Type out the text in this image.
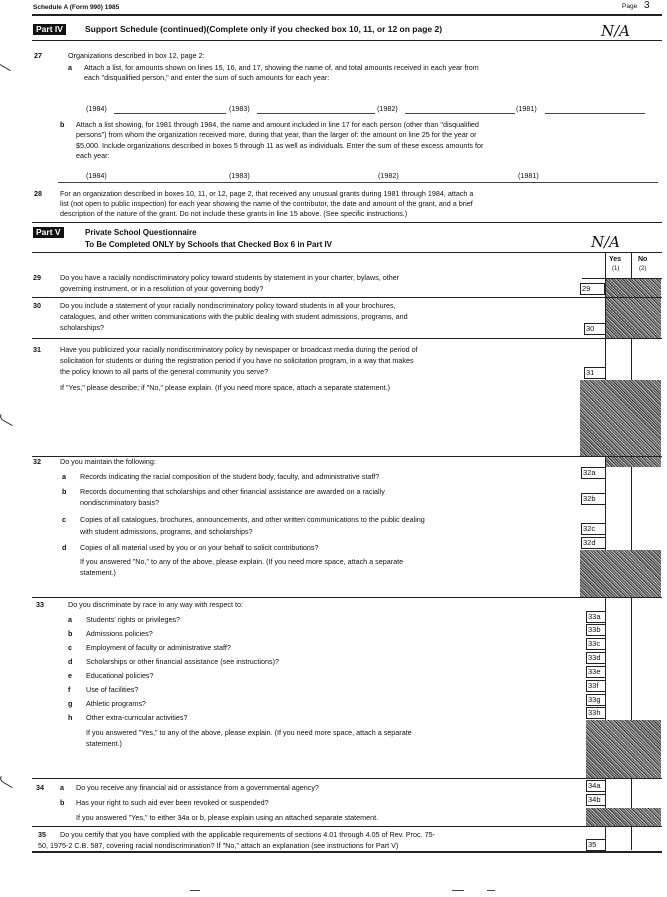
Schedule A (Form 990) 1985	Page 3
Part IV	Support Schedule (continued)(Complete only if you checked box 10, 11, or 12 on page 2)	N/A
27	Organizations described in box 12, page 2:
a Attach a list, for amounts shown on lines 15, 16, and 17, showing the name of, and total amounts received in each year from
each "disqualified person," and enter the sum of such amounts for each year:
(1984)	(1983)	(1982)	(1981)
b Attach a list showing, for 1981 through 1984, the name and amount included in line 17 for each person (other than "disqualified
persons") from whom the organization received more, during that year, than the larger of: the amount on line 25 for the year or
$5,000. Include organizations described in boxes 5 through 11 as well as individuals. Enter the sum of these excess amounts for
each year:
(1984)	(1983)	(1982)	(1981)
28	For an organization described in boxes 10, 11, or 12, page 2, that received any unusual grants during 1981 through 1984, attach a
list (not open to public inspection) for each year showing the name of the contributor, the date and amount of the grant, and a brief
description of the nature of the grant. Do not include these grants in line 15 above. (See specific instructions.)
Part V	Private School Questionnaire
To Be Completed ONLY by Schools that Checked Box 6 in Part IV	N/A
Yes
(1)
No
(2)
29	Do you have a racially nondiscriminatory policy toward students by statement in your charter, bylaws, other
governing instrument, or in a resolution of your governing body?	29
30	Do you include a statement of your racially nondiscriminatory policy toward students in all your brochures,
catalogues, and other written communications with the public dealing with student admissions, programs, and
scholarships?	30
31	Have you publicized your racially nondiscriminatory policy by newspaper or broadcast media during the period of
solicitation for students or during the registration period if you have no solicitation program, in a way that makes
the policy known to all parts of the general community you serve?
If "Yes," please describe; if "No," please explain. (If you need more space, attach a separate statement.)
31
32	Do you maintain the following:
a Records indicating the racial composition of the student body, faculty, and administrative staff?	32a
b Records documenting that scholarships and other financial assistance are awarded on a racially
nondiscriminatory basis?	32b
c Copies of all catalogues, brochures, announcements, and other written communications to the public dealing
with student admissions, programs, and scholarships?	32c
d Copies of all material used by you or on your behalf to solicit contributions?
32d
If you answered "No," to any of the above, please explain. (If you need more space, attach a separate
statement.)
33	Do you discriminate by race in any way with respect to:
a Students' rights or privileges?	33a
b Admissions policies?	33b
c Employment of faculty or administrative staff?	33c
d Scholarships or other financial assistance (see instructions)?	33d
e Educational policies?	33e
f Use of facilities?	33f
g Athletic programs?	33g
h Other extra-curricular activities?
33h
If you answered "Yes," to any of the above, please explain. (If you need more space, attach a separate
statement.)
34 a Do you receive any financial aid or assistance from a governmental agency?	34a
b Has your right to such aid ever been revoked or suspended?	34b
If you answered "Yes," to either 34a or b, please explain using an attached separate statement.
35 Do you certify that you have complied with the applicable requirements of sections 4.01 through 4.05 of Rev. Proc. 75-
50, 1975-2 C.B. 587, covering racial nondiscrimination? If "No," attach an explanation (see instructions for Part V)	35
